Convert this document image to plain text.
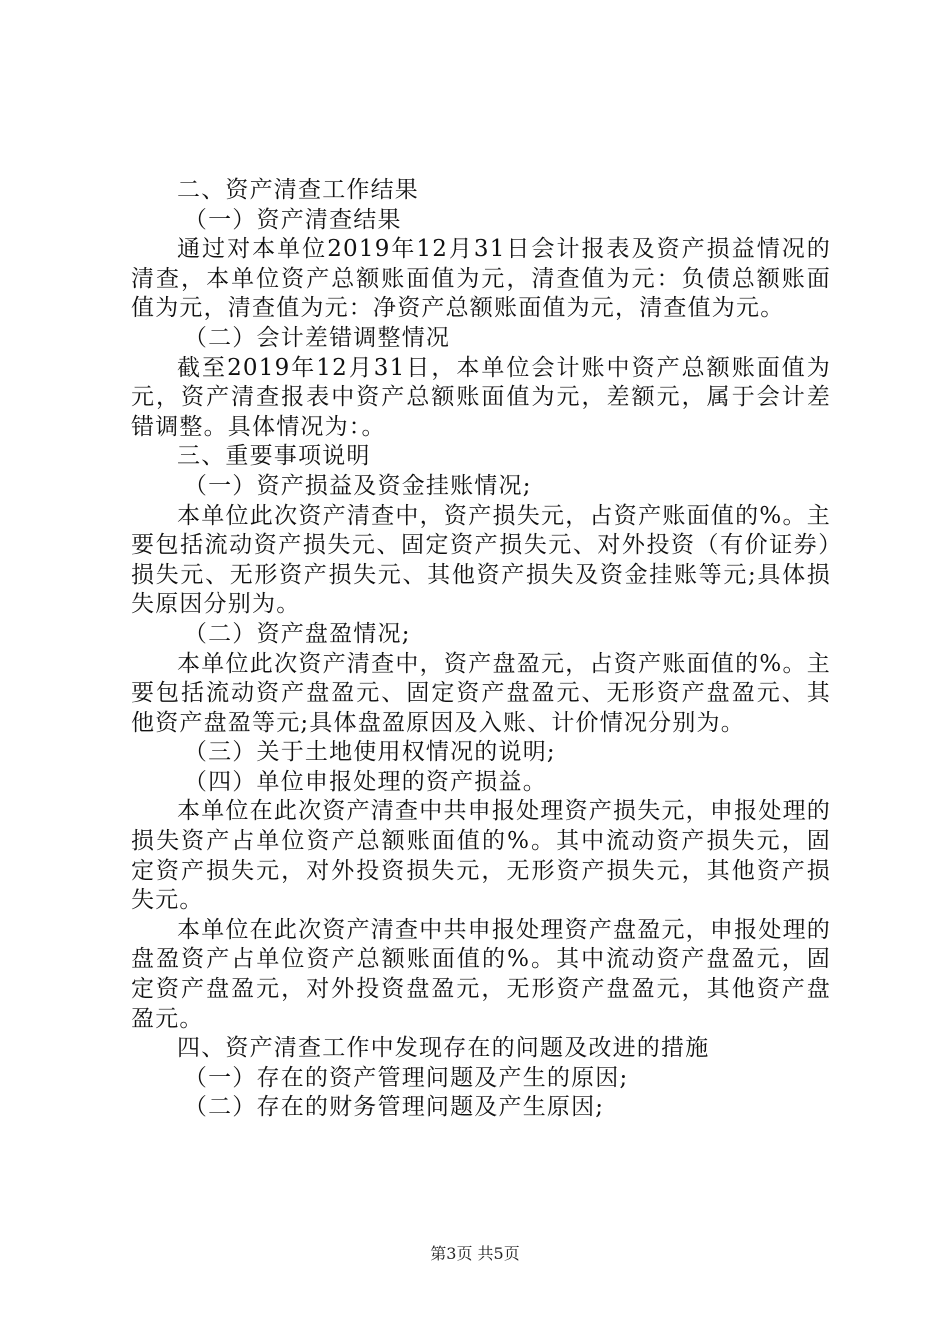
二、资产清查工作结果

（一）资产清查结果

通过对本单位2019年12月31日会计报表及资产损益情况的清查，本单位资产总额账面值为元，清查值为元：负债总额账面值为元，清查值为元：净资产总额账面值为元，清查值为元。

（二）会计差错调整情况

截至2019年12月31日，本单位会计账中资产总额账面值为元，资产清查报表中资产总额账面值为元，差额元，属于会计差错调整。具体情况为：。

三、重要事项说明

（一）资产损益及资金挂账情况;

本单位此次资产清查中，资产损失元，占资产账面值的%。主要包括流动资产损失元、固定资产损失元、对外投资（有价证券）损失元、无形资产损失元、其他资产损失及资金挂账等元;具体损失原因分别为。

（二）资产盘盈情况;

本单位此次资产清查中，资产盘盈元，占资产账面值的%。主要包括流动资产盘盈元、固定资产盘盈元、无形资产盘盈元、其他资产盘盈等元;具体盘盈原因及入账、计价情况分别为。

（三）关于土地使用权情况的说明;

（四）单位申报处理的资产损益。

本单位在此次资产清查中共申报处理资产损失元，申报处理的损失资产占单位资产总额账面值的%。其中流动资产损失元，固定资产损失元，对外投资损失元，无形资产损失元，其他资产损失元。

本单位在此次资产清查中共申报处理资产盘盈元，申报处理的盘盈资产占单位资产总额账面值的%。其中流动资产盘盈元，固定资产盘盈元，对外投资盘盈元，无形资产盘盈元，其他资产盘盈元。

四、资产清查工作中发现存在的问题及改进的措施

（一）存在的资产管理问题及产生的原因;

（二）存在的财务管理问题及产生原因;

第3页 共5页
